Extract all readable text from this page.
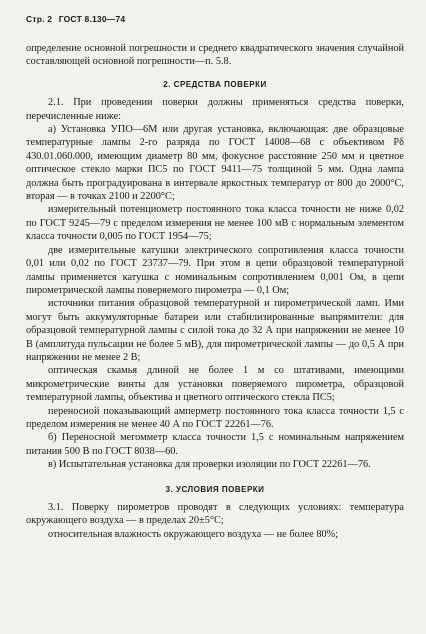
Стр. 2 ГОСТ 8.130—74

определение основной погрешности и среднего квадратического значения случайной составляющей основной погрешности—п. 5.8.

2. СРЕДСТВА ПОВЕРКИ

2.1. При проведении поверки должны применяться средства поверки, перечисленные ниже:

а) Установка УПО—6М или другая установка, включающая: две образцовые температурные лампы 2-го разряда по ГОСТ 14008—68 с объективом Рδ 430.01.060.000, имеющим диаметр 80 мм, фокусное расстояние 250 мм и цветное оптическое стекло марки ПС5 по ГОСТ 9411—75 толщиной 5 мм. Одна лампа должна быть проградуирована в интервале яркостных температур от 800 до 2000°С, вторая — в точках 2100 и 2200°С;

измерительный потенциометр постоянного тока класса точности не ниже 0,02 по ГОСТ 9245—79 с пределом измерения не менее 100 мВ с нормальным элементом класса точности 0,005 по ГОСТ 1954—75;

две измерительные катушки электрического сопротивления класса точности 0,01 или 0,02 по ГОСТ 23737—79. При этом в цепи образцовой температурной лампы применяется катушка с номинальным сопротивлением 0,001 Ом, в цепи пирометрической лампы поверяемого пирометра — 0,1 Ом;

источники питания образцовой температурной и пирометрической ламп. Ими могут быть аккумуляторные батареи или стабилизированные выпрямители: для образцовой температурной лампы с силой тока до 32 А при напряжении не менее 10 В (амплитуда пульсации не более 5 мВ), для пирометрической лампы — до 0,5 А при напряжении не менее 2 В;

оптическая скамья длиной не более 1 м со штативами, имеющими микрометрические винты для установки поверяемого пирометра, образцовой температурной лампы, объектива и цветного оптического стекла ПС5;

переносной показывающий амперметр постоянного тока класса точности 1,5 с пределом измерения не менее 40 А по ГОСТ 22261—76.

б) Переносной мегомметр класса точности 1,5 с номинальным напряжением питания 500 В по ГОСТ 8038—60.

в) Испытательная установка для проверки изоляции по ГОСТ 22261—76.

3. УСЛОВИЯ ПОВЕРКИ

3.1. Поверку пирометров проводят в следующих условиях: температура окружающего воздуха — в пределах 20±5°С;

относительная влажность окружающего воздуха — не более 80%;
